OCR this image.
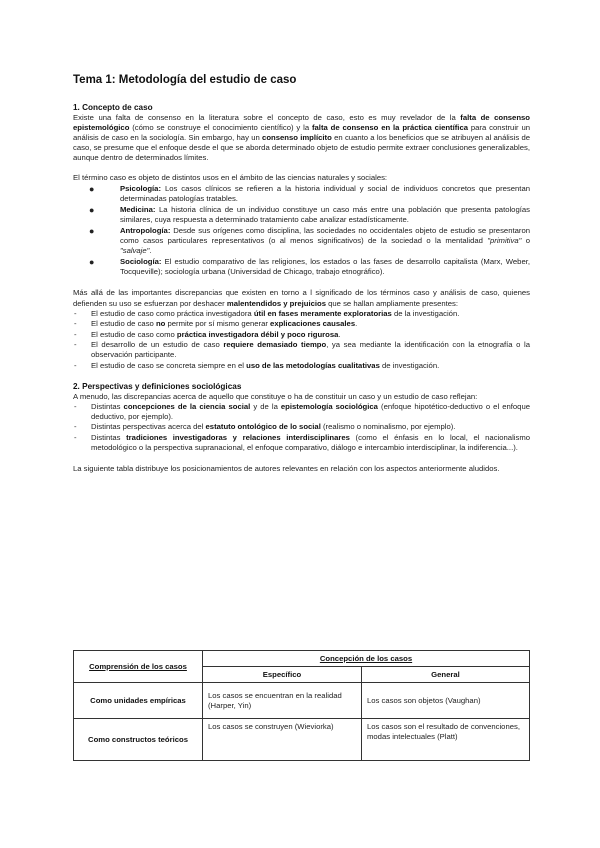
Tema 1: Metodología del estudio de caso
1. Concepto de caso

Existe una falta de consenso en la literatura sobre el concepto de caso, esto es muy revelador de la falta de consenso epistemológico (cómo se construye el conocimiento científico) y la falta de consenso en la práctica científica para construir un análisis de caso en la sociología. Sin embargo, hay un consenso implícito en cuanto a los beneficios que se atribuyen al análisis de caso, se presume que el enfoque desde el que se aborda determinado objeto de estudio permite extraer conclusiones generalizables, aunque dentro de determinados límites.

El término caso es objeto de distintos usos en el ámbito de las ciencias naturales y sociales:

●	Psicología: Los casos clínicos se refieren a la historia individual y social de individuos concretos que presentan determinadas patologías tratables.
●	Medicina: La historia clínica de un individuo constituye un caso más entre una población que presenta patologías similares, cuya respuesta a determinado tratamiento cabe analizar estadísticamente.
●	Antropología: Desde sus orígenes como disciplina, las sociedades no occidentales objeto de estudio se presentaron como casos particulares representativos (o al menos significativos) de la sociedad o la mentalidad "primitiva" o "salvaje".
●	Sociología: El estudio comparativo de las religiones, los estados o las fases de desarrollo capitalista (Marx, Weber, Tocqueville); sociología urbana (Universidad de Chicago, trabajo etnográfico).

Más allá de las importantes discrepancias que existen en torno a l significado de los términos caso y análisis de caso, quienes defienden su uso se esfuerzan por deshacer malentendidos y prejuicios que se hallan ampliamente presentes:

- El estudio de caso como práctica investigadora útil en fases meramente exploratorias de la investigación.
- El estudio de caso no permite por sí mismo generar explicaciones causales.
- El estudio de caso como práctica investigadora débil y poco rigurosa.
- El desarrollo de un estudio de caso requiere demasiado tiempo, ya sea mediante la identificación con la etnografía o la observación participante.
- El estudio de caso se concreta siempre en el uso de las metodologías cualitativas de investigación.
2. Perspectivas y definiciones sociológicas

A menudo, las discrepancias acerca de aquello que constituye o ha de constituir un caso y un estudio de caso reflejan:

- Distintas concepciones de la ciencia social y de la epistemología sociológica (enfoque hipotético-deductivo o el enfoque deductivo, por ejemplo).
- Distintas perspectivas acerca del estatuto ontológico de lo social (realismo o nominalismo, por ejemplo).
- Distintas tradiciones investigadoras y relaciones interdisciplinares (como el énfasis en lo local, el nacionalismo metodológico o la perspectiva supranacional, el enfoque comparativo, diálogo e intercambio interdisciplinar, la indiferencia...).

La siguiente tabla distribuye los posicionamientos de autores relevantes en relación con los aspectos anteriormente aludidos.

Comprensión de los casos	Concepción de los casos	
	Específico	General
Como unidades empíricas	Los casos se encuentran en la realidad (Harper, Yin)	Los casos son objetos (Vaughan)
Como constructos teóricos	Los casos se construyen (Wieviorka)	Los casos son el resultado de convenciones, modas intelectuales (Platt)
